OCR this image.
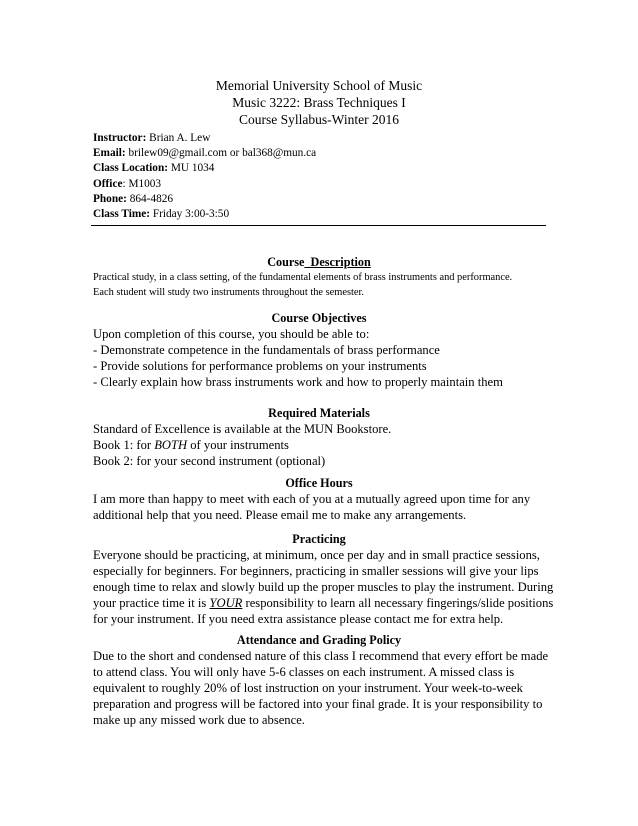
Memorial University School of Music
Music 3222: Brass Techniques I
Course Syllabus-Winter 2016
Instructor: Brian A. Lew
Email: brilew09@gmail.com or bal368@mun.ca
Class Location: MU 1034
Office: M1003
Phone: 864-4826
Class Time: Friday 3:00-3:50
Course_Description
Practical study, in a class setting, of the fundamental elements of brass instruments and performance.
Each student will study two instruments throughout the semester.
Course Objectives
Upon completion of this course, you should be able to:
- Demonstrate competence in the fundamentals of brass performance
- Provide solutions for performance problems on your instruments
- Clearly explain how brass instruments work and how to properly maintain them
Required Materials
Standard of Excellence is available at the MUN Bookstore.
Book 1: for BOTH of your instruments
Book 2: for your second instrument (optional)
Office Hours
I am more than happy to meet with each of you at a mutually agreed upon time for any
additional help that you need. Please email me to make any arrangements.
Practicing
Everyone should be practicing, at minimum, once per day and in small practice sessions,
especially for beginners. For beginners, practicing in smaller sessions will give your lips
enough time to relax and slowly build up the proper muscles to play the instrument. During
your practice time it is YOUR responsibility to learn all necessary fingerings/slide positions
for your instrument. If you need extra assistance please contact me for extra help.
Attendance and Grading Policy
Due to the short and condensed nature of this class I recommend that every effort be made
to attend class. You will only have 5-6 classes on each instrument. A missed class is
equivalent to roughly 20% of lost instruction on your instrument. Your week-to-week
preparation and progress will be factored into your final grade. It is your responsibility to
make up any missed work due to absence.
